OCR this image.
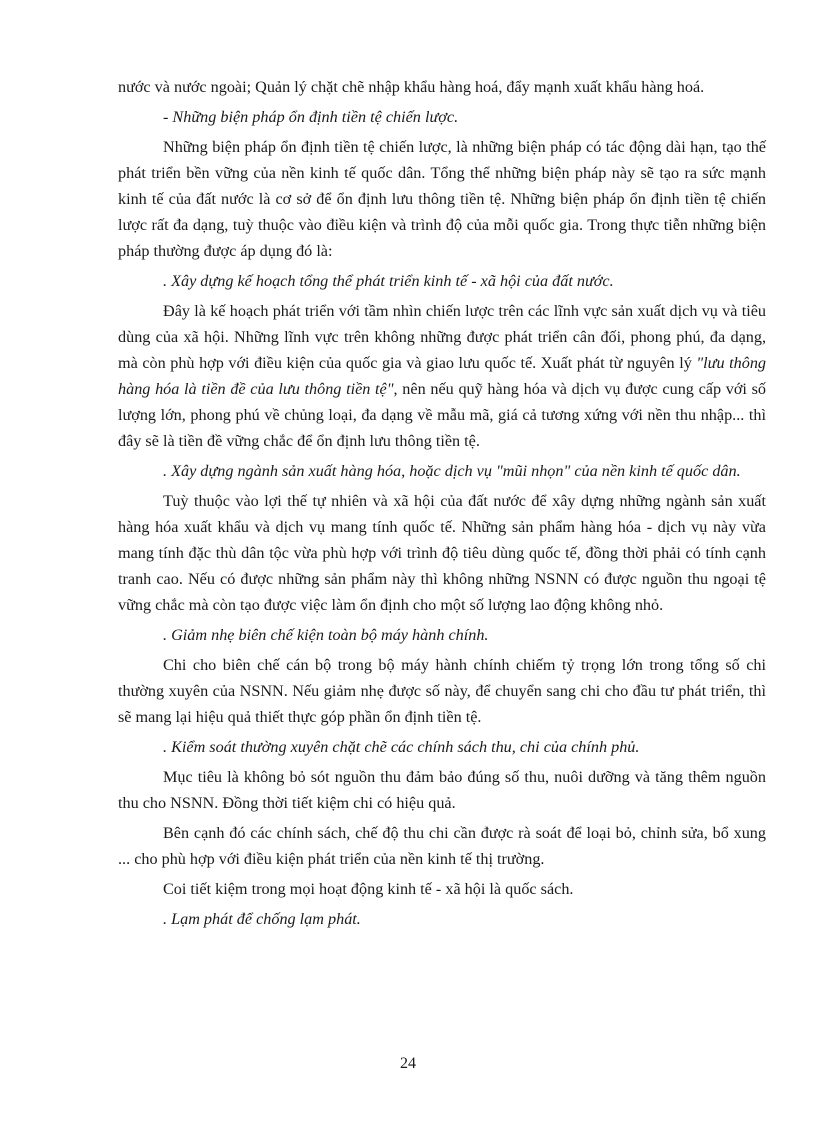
nước và nước ngoài; Quản lý chặt chẽ nhập khẩu hàng hoá, đẩy mạnh xuất khẩu hàng hoá.

- Những biện pháp ổn định tiền tệ chiến lược.

Những biện pháp ổn định tiền tệ chiến lược, là những biện pháp có tác động dài hạn, tạo thế phát triển bền vững của nền kinh tế quốc dân. Tổng thể những biện pháp này sẽ tạo ra sức mạnh kinh tế của đất nước là cơ sở để ổn định lưu thông tiền tệ. Những biện pháp ổn định tiền tệ chiến lược rất đa dạng, tuỳ thuộc vào điều kiện và trình độ của mỗi quốc gia. Trong thực tiễn những biện pháp thường được áp dụng đó là:

. Xây dựng kế hoạch tổng thể phát triển kinh tế - xã hội của đất nước.

Đây là kế hoạch phát triển với tầm nhìn chiến lược trên các lĩnh vực sản xuất dịch vụ và tiêu dùng của xã hội. Những lĩnh vực trên không những được phát triển cân đối, phong phú, đa dạng, mà còn phù hợp với điều kiện của quốc gia và giao lưu quốc tế. Xuất phát từ nguyên lý "lưu thông hàng hóa là tiền đề của lưu thông tiền tệ", nên nếu quỹ hàng hóa và dịch vụ được cung cấp với số lượng lớn, phong phú về chủng loại, đa dạng về mẫu mã, giá cả tương xứng với nền thu nhập... thì đây sẽ là tiền đề vững chắc để ổn định lưu thông tiền tệ.

. Xây dựng ngành sản xuất hàng hóa, hoặc dịch vụ "mũi nhọn" của nền kinh tế quốc dân.

Tuỳ thuộc vào lợi thế tự nhiên và xã hội của đất nước để xây dựng những ngành sản xuất hàng hóa xuất khẩu và dịch vụ mang tính quốc tế. Những sản phẩm hàng hóa - dịch vụ này vừa mang tính đặc thù dân tộc vừa phù hợp với trình độ tiêu dùng quốc tế, đồng thời phải có tính cạnh tranh cao. Nếu có được những sản phẩm này thì không những NSNN có được nguồn thu ngoại tệ vững chắc mà còn tạo được việc làm ổn định cho một số lượng lao động không nhỏ.

. Giảm nhẹ biên chế kiện toàn bộ máy hành chính.

Chi cho biên chế cán bộ trong bộ máy hành chính chiếm tỷ trọng lớn trong tổng số chi thường xuyên của NSNN. Nếu giảm nhẹ được số này, để chuyển sang chi cho đầu tư phát triển, thì sẽ mang lại hiệu quả thiết thực góp phần ổn định tiền tệ.

. Kiểm soát thường xuyên chặt chẽ các chính sách thu, chi của chính phủ.

Mục tiêu là không bỏ sót nguồn thu đảm bảo đúng số thu, nuôi dưỡng và tăng thêm nguồn thu cho NSNN. Đồng thời tiết kiệm chi có hiệu quả.

Bên cạnh đó các chính sách, chế độ thu chi cần được rà soát để loại bỏ, chỉnh sửa, bổ xung ... cho phù hợp với điều kiện phát triển của nền kinh tế thị trường.

Coi tiết kiệm trong mọi hoạt động kinh tế - xã hội là quốc sách.

. Lạm phát để chống lạm phát.

24
